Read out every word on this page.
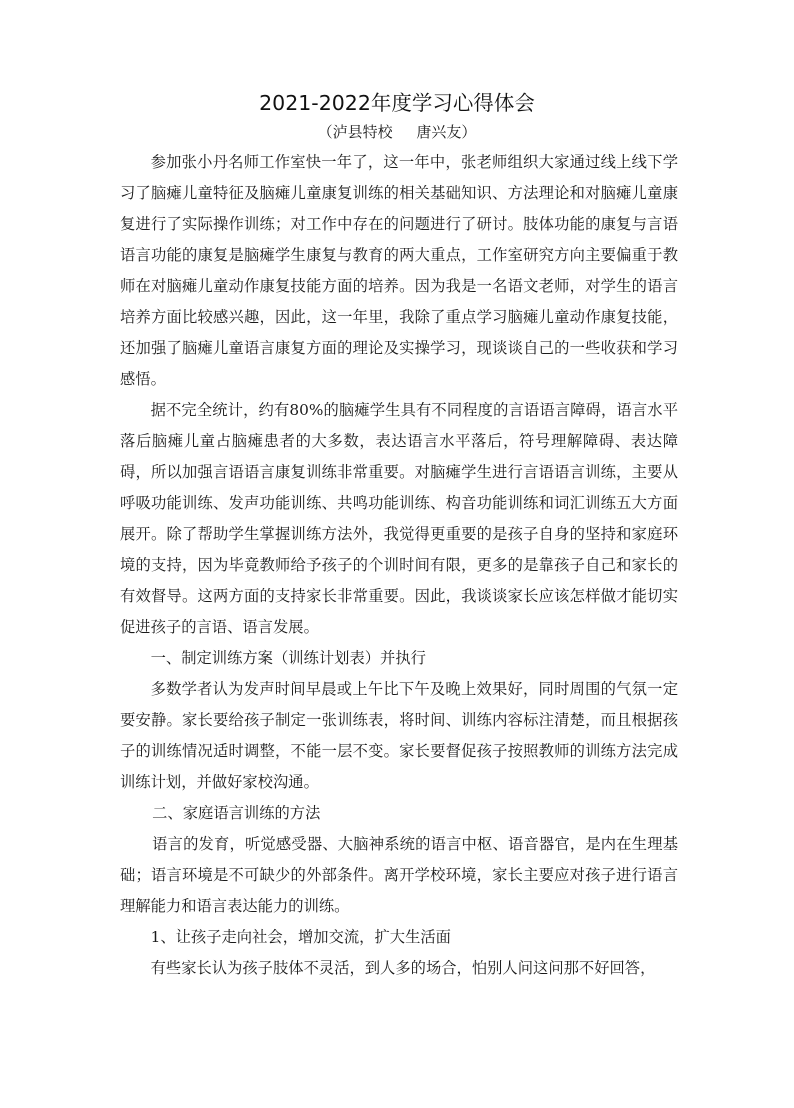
2021-2022年度学习心得体会
（泸县特校     唐兴友）

参加张小丹名师工作室快一年了，这一年中，张老师组织大家通过线上线下学习了脑瘫儿童特征及脑瘫儿童康复训练的相关基础知识、方法理论和对脑瘫儿童康复进行了实际操作训练；对工作中存在的问题进行了研讨。肢体功能的康复与言语语言功能的康复是脑瘫学生康复与教育的两大重点，工作室研究方向主要偏重于教师在对脑瘫儿童动作康复技能方面的培养。因为我是一名语文老师，对学生的语言培养方面比较感兴趣，因此，这一年里，我除了重点学习脑瘫儿童动作康复技能，还加强了脑瘫儿童语言康复方面的理论及实操学习，现谈谈自己的一些收获和学习感悟。

据不完全统计，约有80%的脑瘫学生具有不同程度的言语语言障碍，语言水平落后脑瘫儿童占脑瘫患者的大多数，表达语言水平落后，符号理解障碍、表达障碍，所以加强言语语言康复训练非常重要。对脑瘫学生进行言语语言训练，主要从呼吸功能训练、发声功能训练、共鸣功能训练、构音功能训练和词汇训练五大方面展开。除了帮助学生掌握训练方法外，我觉得更重要的是孩子自身的坚持和家庭环境的支持，因为毕竟教师给予孩子的个训时间有限，更多的是靠孩子自己和家长的有效督导。这两方面的支持家长非常重要。因此，我谈谈家长应该怎样做才能切实促进孩子的言语、语言发展。

一、制定训练方案（训练计划表）并执行

多数学者认为发声时间早晨或上午比下午及晚上效果好，同时周围的气氛一定要安静。家长要给孩子制定一张训练表，将时间、训练内容标注清楚，而且根据孩子的训练情况适时调整，不能一层不变。家长要督促孩子按照教师的训练方法完成训练计划，并做好家校沟通。

二、家庭语言训练的方法

语言的发育，听觉感受器、大脑神系统的语言中枢、语音器官，是内在生理基础；语言环境是不可缺少的外部条件。离开学校环境，家长主要应对孩子进行语言理解能力和语言表达能力的训练。

1、让孩子走向社会，增加交流，扩大生活面

有些家长认为孩子肢体不灵活，到人多的场合，怕别人问这问那不好回答，
